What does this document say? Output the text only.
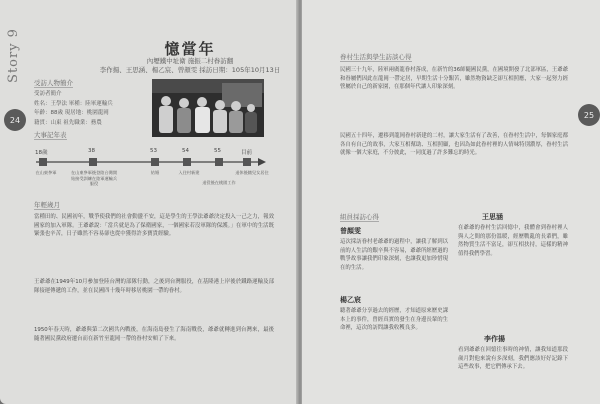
Story 9
24
憶當年
內壢鐵中址衛 施振二村眷訪翻
李作揚、王思涵、楊乙宸、曾顏雯 採訪日期：105年10月13日
受訪人物簡介
受訪者簡介
姓名：王學法 軍種：陸軍運輸兵
年齡：88歲 現居地：桃園龍岡
籍貫：山東 祖先職業：務農
大事記年表
18歲	38	53	54	55	目前
在山東參軍	在山東參軍後登陸台灣開始接受訓練在陸軍運輸兵服役
結婚	入住村新建
退役後在桃園工作
退休後隨兒女居住
年輕歲月
當種田的、民國初年，戰爭使我們的社會動盪不安，這是學生的王學法爺爺決定投入一己之力，報效國家的加入軍隊。王爺爺說：「當兵就是為了保衛國家，一個國家若沒軍隊的保護。」在軍中的生活既緊張也辛苦，日子雖然不容易卻也從中獲得許多寶貴經驗。
王爺爺在1949年10月參加登陸台灣的部隊行動，之後到台灣服役，在基隆港上岸後於鐵路運輸及部隊接運傳遞的工作，並在民國四十幾年時移居桃園一帶的眷村。
1950年春天時，爺爺與第二次國共內戰後，在海南島發生了海南戰役，爺爺就轉進到台灣來，最後隨著國民黨政府遷台而在新竹至龍岡一帶的眷村安頓了下來。
25
眷村生活與學生訪談心得
民國三十九年，陸軍兩廣龍眷村落成，在新竹的36師隨國民黨，在國境開發了北部軍區，王爺爺和眷屬們因此在龍岡一帶定居，早期生活十分艱苦，雖然物資缺乏卻互相照應，大家一起努力經營屬於自己的新家園，在那個年代讓人印象深刻。
民國五十四年，遷移到龍岡眷村新建的二村，讓大家生活有了改善，在眷村生活中，每個家庭都各自有自己的故事，大家互相幫助、互相照顧，也因為如此眷村裡的人情味特別濃厚，眷村生活就像一個大家庭，不分彼此，一同度過了許多難忘的時光。
組員採訪心得
曾顏雯
這次採訪眷村老爺爺的過程中，讓我了解到以前的人生活的艱辛與不容易，爺爺所經歷過的戰爭故事讓我們印象深刻，也讓我更加珍惜現在的生活。
王思涵
在爺爺的眷村生活回憶中，我體會到眷村裡人與人之間的那份溫暖，經歷戰亂的長輩們，雖然物質生活不富足，卻互相扶持，這樣的精神值得我們學習。
楊乙宸
聽著爺爺分享過去的經歷，才知道原來歷史課本上的事件，曾經真實的發生在身邊長輩的生命裡，這次的訪問讓我收穫良多。
李作揚
看到爺爺在回憶往事時的神情，讓我知道那段歲月對他來說有多深刻，我們應該好好記錄下這些故事，把它們傳承下去。
